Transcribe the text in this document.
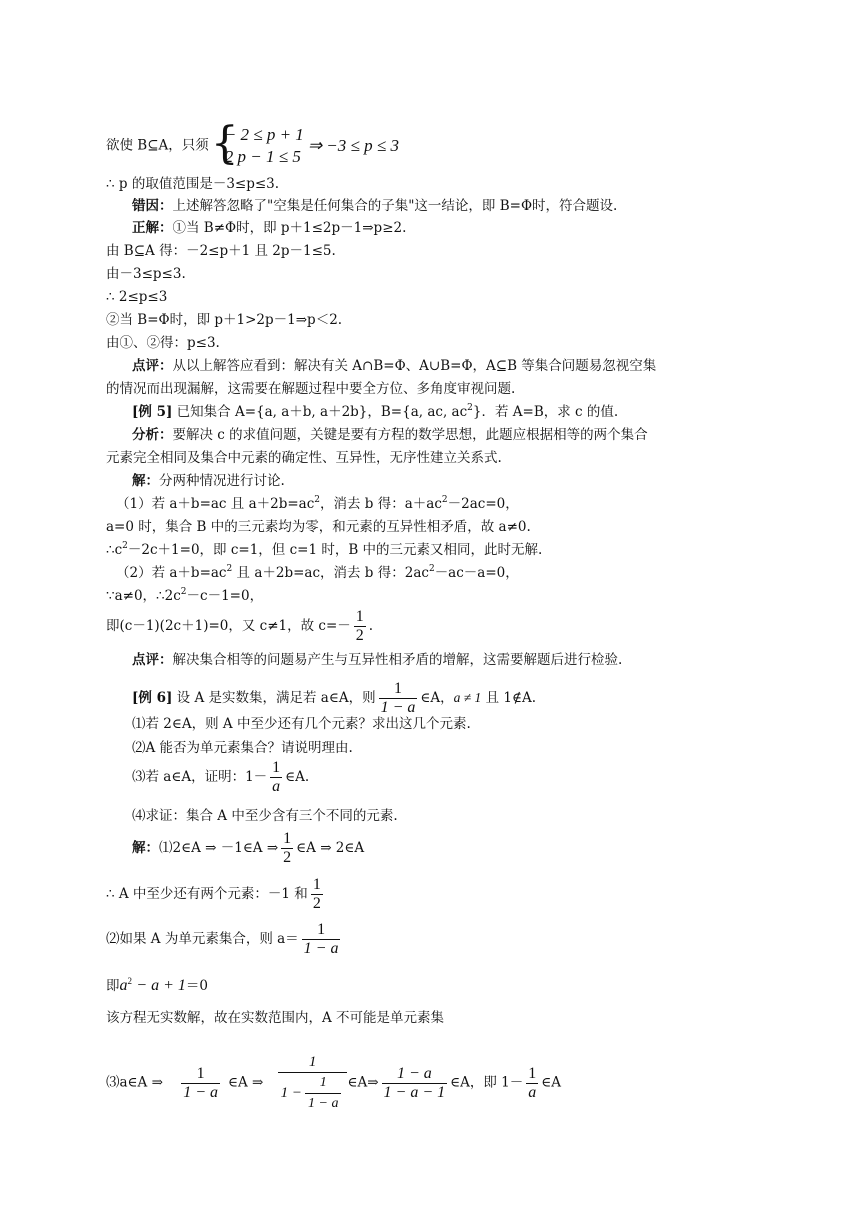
欲使 B⊆A，只须 {
− 2 ≤ p + 1
2 p − 1 ≤ 5
⇒ −3 ≤ p ≤ 3
∴ p 的取值范围是－3≤p≤3.
错因：上述解答忽略了"空集是任何集合的子集"这一结论，即 B=Φ时，符合题设.
正解：①当 B≠Φ时，即 p＋1≤2p－1⇒p≥2.
由 B⊆A 得：－2≤p＋1 且 2p－1≤5.
由－3≤p≤3.
∴ 2≤p≤3
②当 B=Φ时，即 p＋1>2p－1⇒p＜2.
由①、②得：p≤3.
点评：从以上解答应看到：解决有关 A∩B=Φ、A∪B=Φ，A⊆B 等集合问题易忽视空集
的情况而出现漏解，这需要在解题过程中要全方位、多角度审视问题.
[例 5] 已知集合 A={a, a＋b, a＋2b}，B={a, ac, $ac^2$}．若 A=B，求 c 的值.
分析：要解决 c 的求值问题，关键是要有方程的数学思想，此题应根据相等的两个集合
元素完全相同及集合中元素的确定性、互异性，无序性建立关系式.
解：分两种情况进行讨论.
（1）若 a＋b=ac 且 $a+2b=ac^2$，消去 b 得：$a+ac^2-2ac=0$，
a=0 时，集合 B 中的三元素均为零，和元素的互异性相矛盾，故 a≠0.
$\therefore c^2-2c+1=0$，即 c=1，但 c=1 时，B 中的三元素又相同，此时无解.
（2）若 $a+b=ac^2$ 且 a＋2b=ac，消去 b 得：$2ac^2-ac-a=0$，
∵a≠0，$\therefore 2c^2-c-1=0$，
即(c－1)(2c＋1)=0，又 c≠1，故 $c=- \frac{1}{2}$ .
点评：解决集合相等的问题易产生与互异性相矛盾的增解，这需要解题后进行检验.
[例 6] 设 A 是实数集，满足若 a∈A，则 $\frac{1}{1 - a}$ ∈A，a ≠ 1 且 1∉A.
⑴若 2∈A，则 A 中至少还有几个元素？求出这几个元素.
⑵A 能否为单元素集合？请说明理由.
⑶若 a∈A，证明：$1- \frac{1}{a}$ ∈A.
⑷求证：集合 A 中至少含有三个不同的元素.
解：⑴2∈A ⇒ －1∈A ⇒ $\frac{1}{2}$ ∈A ⇒ 2∈A
∴ A 中至少还有两个元素：－1 和 $\frac{1}{2}$
⑵如果 A 为单元素集合，则 $a= \frac{1}{1 - a}$
即$a^2 - a + 1=0$
该方程无实数解，故在实数范围内，A 不可能是单元素集
⑶a∈A ⇒ $\frac{1}{1 - a}$ ∈A ⇒ $\frac{1}{1 - \frac{1}{1 - a}}$ ∈A⇒ $\frac{1 - a}{1 - a - 1}$ ∈A，即 $1- \frac{1}{a}$ ∈A
